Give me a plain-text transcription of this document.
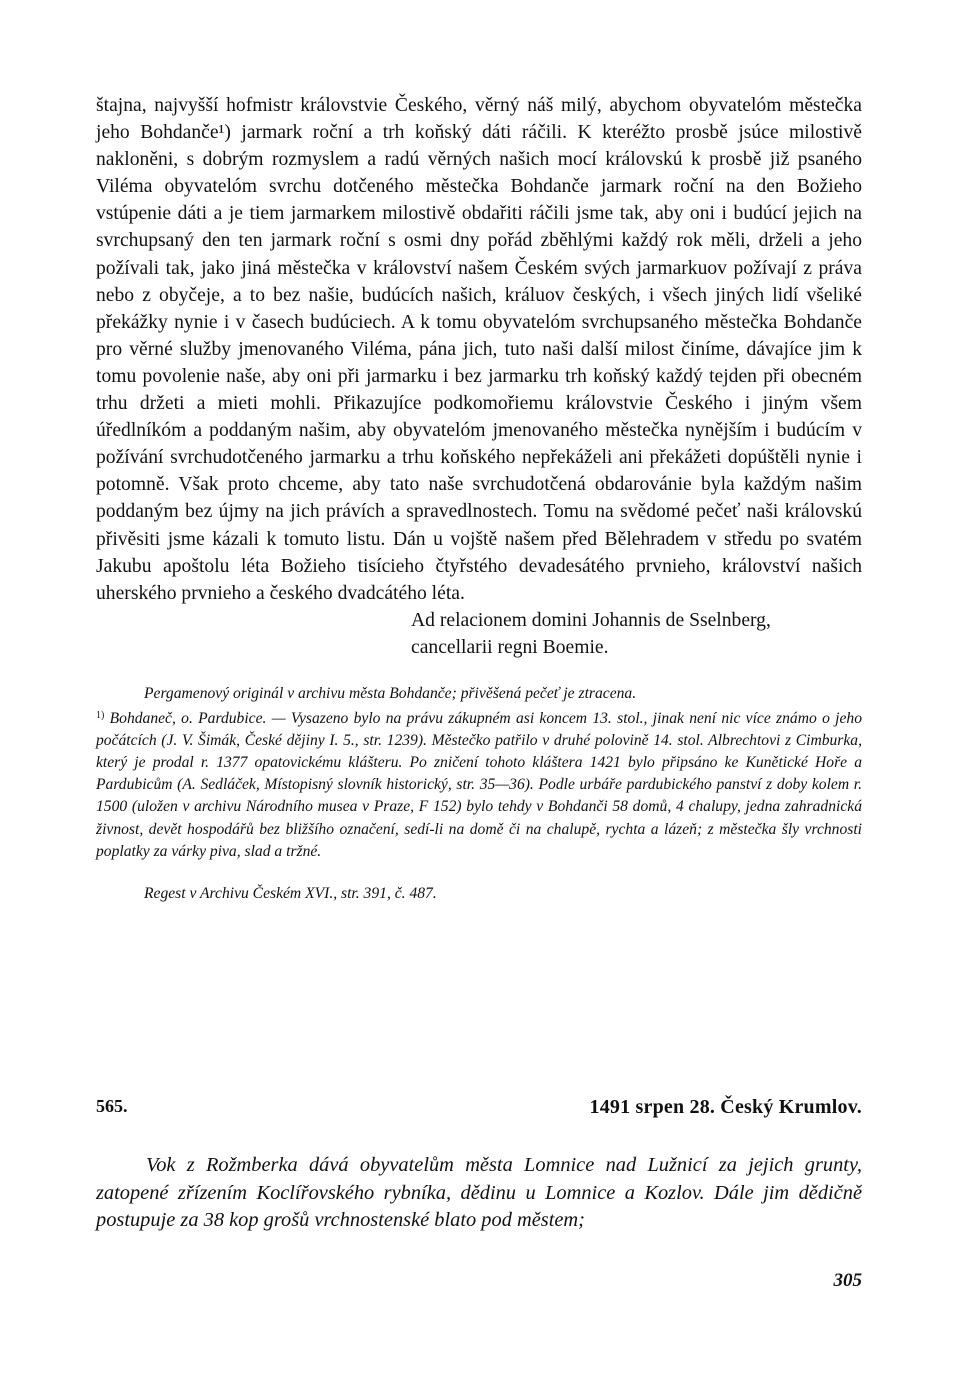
štajna, najvyšší hofmistr královstvie Českého, věrný náš milý, abychom obyvatelóm městečka jeho Bohdanče¹) jarmark roční a trh koňský dáti ráčili. K kteréžto prosbě jsúce milostivě nakloněni, s dobrým rozmyslem a radú věrných našich mocí královskú k prosbě již psaného Viléma obyvatelóm svrchu dotčeného městečka Bohdanče jarmark roční na den Božieho vstúpenie dáti a je tiem jarmarkem milostivě obdařiti ráčili jsme tak, aby oni i budúcí jejich na svrchupsaný den ten jarmark roční s osmi dny pořád zběhlými každý rok měli, drželi a jeho požívali tak, jako jiná městečka v království našem Českém svých jarmarkuov požívají z práva nebo z obyčeje, a to bez našie, budúcích našich, králuov českých, i všech jiných lidí všeliké překážky nynie i v časech budúciech. A k tomu obyvatelóm svrchupsaného městečka Bohdanče pro věrné služby jmenovaného Viléma, pána jich, tuto naši další milost činíme, dávajíce jim k tomu povolenie naše, aby oni při jarmarku i bez jarmarku trh koňský každý tejden při obecném trhu držeti a mieti mohli. Přikazujíce podkomořiemu královstvie Českého i jiným všem úředlníkóm a poddaným našim, aby obyvatelóm jmenovaného městečka nynějším i budúcím v požívání svrchudotčeného jarmarku a trhu koňského nepřekáželi ani překážeti dopúštěli nynie i potomně. Však proto chceme, aby tato naše svrchudotčená obdarovánie byla každým našim poddaným bez újmy na jich právích a spravedlnostech. Tomu na svědomé pečeť naši královskú přivěsiti jsme kázali k tomuto listu. Dán u vojště našem před Bělehradem v středu po svatém Jakubu apoštolu léta Božieho tisícieho čtyřstého devadesátého prvnieho, království našich uherského prvnieho a českého dvadcátého léta.

Ad relacionem domini Johannis de Sselnberg,
cancellarii regni Boemie.

Pergamenový originál v archivu města Bohdanče; přivěšená pečeť je ztracena.

$^{1)}$ Bohdaneč, o. Pardubice. — Vysazeno bylo na právu zákupném asi koncem 13. stol., jinak není nic více známo o jeho počátcích (J. V. Šimák, České dějiny I. 5., str. 1239). Městečko patřilo v druhé polovině 14. stol. Albrechtovi z Cimburka, který je prodal r. 1377 opatovickému klášteru. Po zničení tohoto kláštera 1421 bylo připsáno ke Kunětické Hoře a Pardubicům (A. Sedláček, Místopisný slovník historický, str. 35—36). Podle urbáře pardubického panství z doby kolem r. 1500 (uložen v archivu Národního musea v Praze, F 152) bylo tehdy v Bohdanči 58 domů, 4 chalupy, jedna zahradnická živnost, devět hospodářů bez bližšího označení, sedí-li na domě či na chalupě, rychta a lázeň; z městečka šly vrchnosti poplatky za várky piva, slad a tržné.

Regest v Archivu Českém XVI., str. 391, č. 487.

565.	1491 srpen 28. Český Krumlov.

Vok z Rožmberka dává obyvatelům města Lomnice nad Lužnicí za jejich grunty, zatopené zřízením Koclířovského rybníka, dědinu u Lomnice a Kozlov. Dále jim dědičně postupuje za 38 kop grošů vrchnostenské blato pod městem;

305
